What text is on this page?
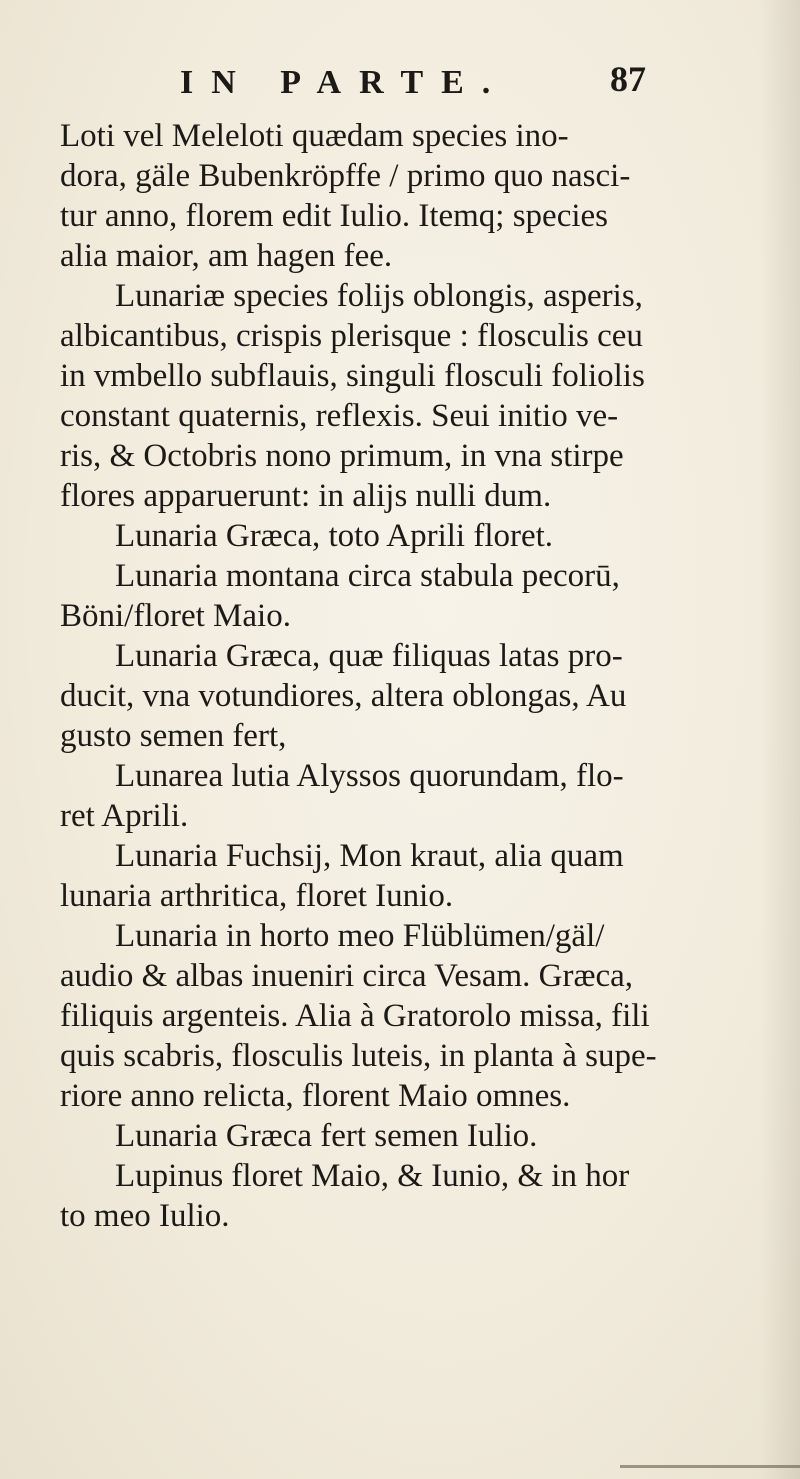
IN PARTE.	87
Loti vel Meleloti quædam species ino-
dora, gäle Bubenkröpffe / primo quo nasci-
tur anno, florem edit Iulio. Itemq; species
alia maior, am hagen fee.
Lunariæ species folijs oblongis, asperis,
albicantibus, crispis plerisque : flosculis ceu
in vmbello subflauis, singuli flosculi foliolis
constant quaternis, reflexis. Seui initio ve-
ris, & Octobris nono primum, in vna stirpe
flores apparuerunt: in alijs nulli dum.
Lunaria Græca, toto Aprili floret.
Lunaria montana circa stabula pecorū,
Böni/floret Maio.
Lunaria Græca, quæ filiquas latas pro-
ducit, vna votundiores, altera oblongas, Au
gusto semen fert,
Lunarea lutia Alyssos quorundam, flo-
ret Aprili.
Lunaria Fuchsij, Mon kraut, alia quam
lunaria arthritica, floret Iunio.
Lunaria in horto meo Flüblümen/gäl/
audio & albas inueniri circa Vesam. Græca,
filiquis argenteis. Alia à Gratorolo missa, fili
quis scabris, flosculis luteis, in planta à supe-
riore anno relicta, florent Maio omnes.
Lunaria Græca fert semen Iulio.
Lupinus floret Maio, & Iunio, & in hor
to meo Iulio.
